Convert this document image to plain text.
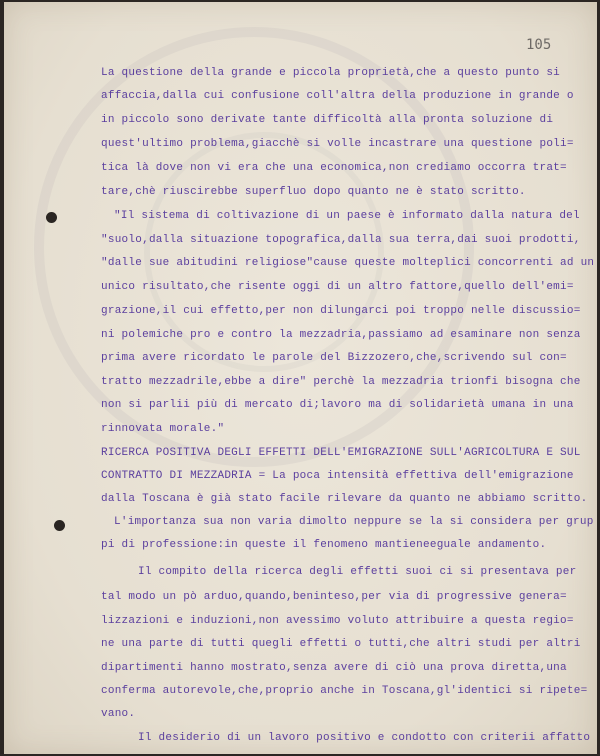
105
La questione della grande e piccola proprietà,che a questo punto si
affaccia,dalla cui confusione coll'altra della produzione in grande o
in piccolo sono derivate tante difficoltà alla pronta soluzione di
quest'ultimo problema,giacchè si volle incastrare una questione poli=
tica là dove non vi era che una economica,non crediamo occorra trat=
tare,chè riuscirebbe superfluo dopo quanto ne è stato scritto.
"Il sistema di coltivazione di un paese è informato dalla natura del
"suolo,dalla situazione topografica,dalla sua terra,dai suoi prodotti,
"dalle sue abitudini religiose"cause queste molteplici concorrenti ad un
unico risultato,che risente oggi di un altro fattore,quello dell'emi=
grazione,il cui effetto,per non dilungarci poi troppo nelle discussio=
ni polemiche pro e contro la mezzadria,passiamo ad esaminare non senza
prima avere ricordato le parole del Bizzozero,che,scrivendo sul con=
tratto mezzadrile,ebbe a dire" perchè la mezzadria trionfi bisogna che
non si parlii più di mercato di;lavoro ma di solidarietà umana in una
rinnovata morale."
RICERCA POSITIVA DEGLI EFFETTI DELL'EMIGRAZIONE SULL'AGRICOLTURA E SUL
CONTRATTO DI MEZZADRIA = La poca intensità effettiva dell'emigrazione
dalla Toscana è già stato facile rilevare da quanto ne abbiamo scritto.
L'importanza sua non varia dimolto neppure se la si considera per grup
pi di professione:in queste il fenomeno mantieneeguale andamento.
Il compito della ricerca degli effetti suoi ci si presentava per
tal modo un pò arduo,quando,beninteso,per via di progressive genera=
lizzazioni e induzioni,non avessimo voluto attribuire a questa regio=
ne una parte di tutti quegli effetti o tutti,che altri studi per altri
dipartimenti hanno mostrato,senza avere di ciò una prova diretta,una
conferma autorevole,che,proprio anche in Toscana,gl'identici si ripete=
vano.
Il desiderio di un lavoro positivo e condotto con criterii affatto
